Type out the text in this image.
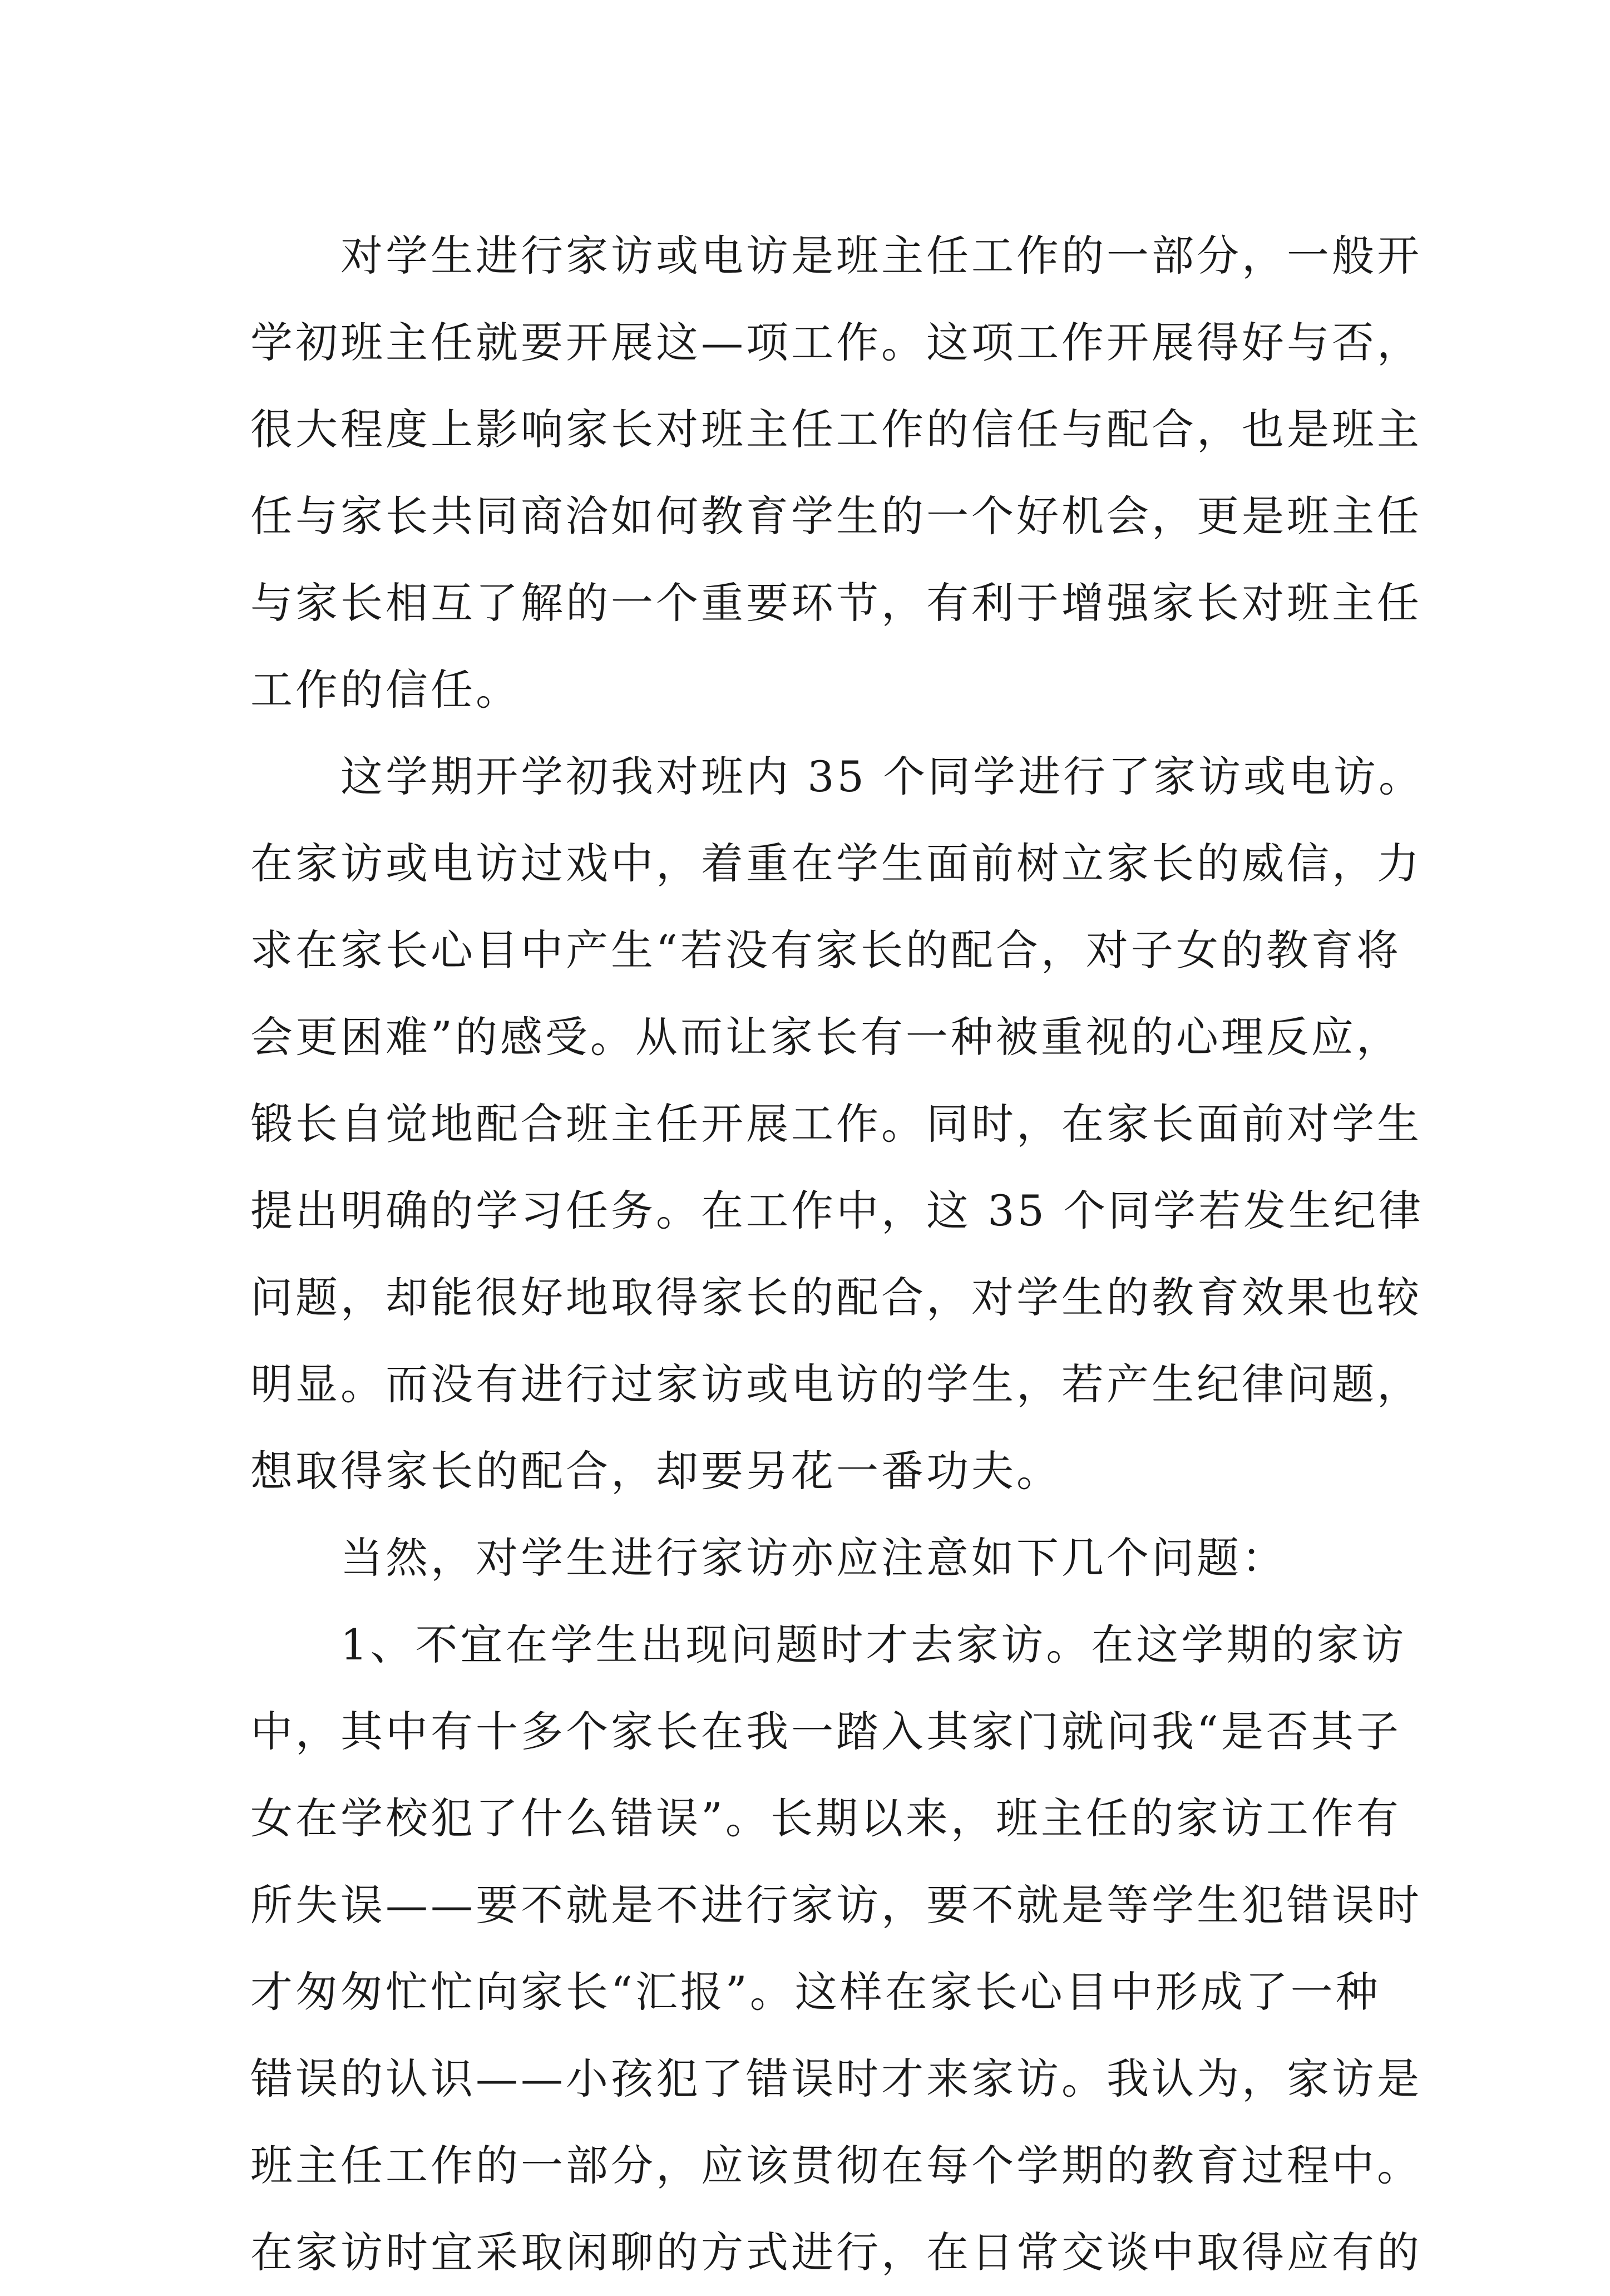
　　对学生进行家访或电访是班主任工作的一部分，一般开
学初班主任就要开展这—项工作。这项工作开展得好与否，
很大程度上影响家长对班主任工作的信任与配合，也是班主
任与家长共同商洽如何教育学生的一个好机会，更是班主任
与家长相互了解的一个重要环节，有利于增强家长对班主任
工作的信任。
　　这学期开学初我对班内 35 个同学进行了家访或电访。
在家访或电访过戏中，着重在学生面前树立家长的威信，力
求在家长心目中产生“若没有家长的配合，对子女的教育将
会更困难”的感受。从而让家长有一种被重视的心理反应，
锻长自觉地配合班主任开展工作。同时，在家长面前对学生
提出明确的学习任务。在工作中，这 35 个同学若发生纪律
问题，却能很好地取得家长的配合，对学生的教育效果也较
明显。而没有进行过家访或电访的学生，若产生纪律问题，
想取得家长的配合，却要另花一番功夫。
　　当然，对学生进行家访亦应注意如下几个问题：
　　1、不宜在学生出现问题时才去家访。在这学期的家访
中，其中有十多个家长在我一踏入其家门就问我“是否其子
女在学校犯了什么错误”。长期以来，班主任的家访工作有
所失误——要不就是不进行家访，要不就是等学生犯错误时
才匆匆忙忙向家长“汇报”。这样在家长心目中形成了一种
错误的认识——小孩犯了错误时才来家访。我认为，家访是
班主任工作的一部分，应该贯彻在每个学期的教育过程中。
在家访时宜采取闲聊的方式进行，在日常交谈中取得应有的
